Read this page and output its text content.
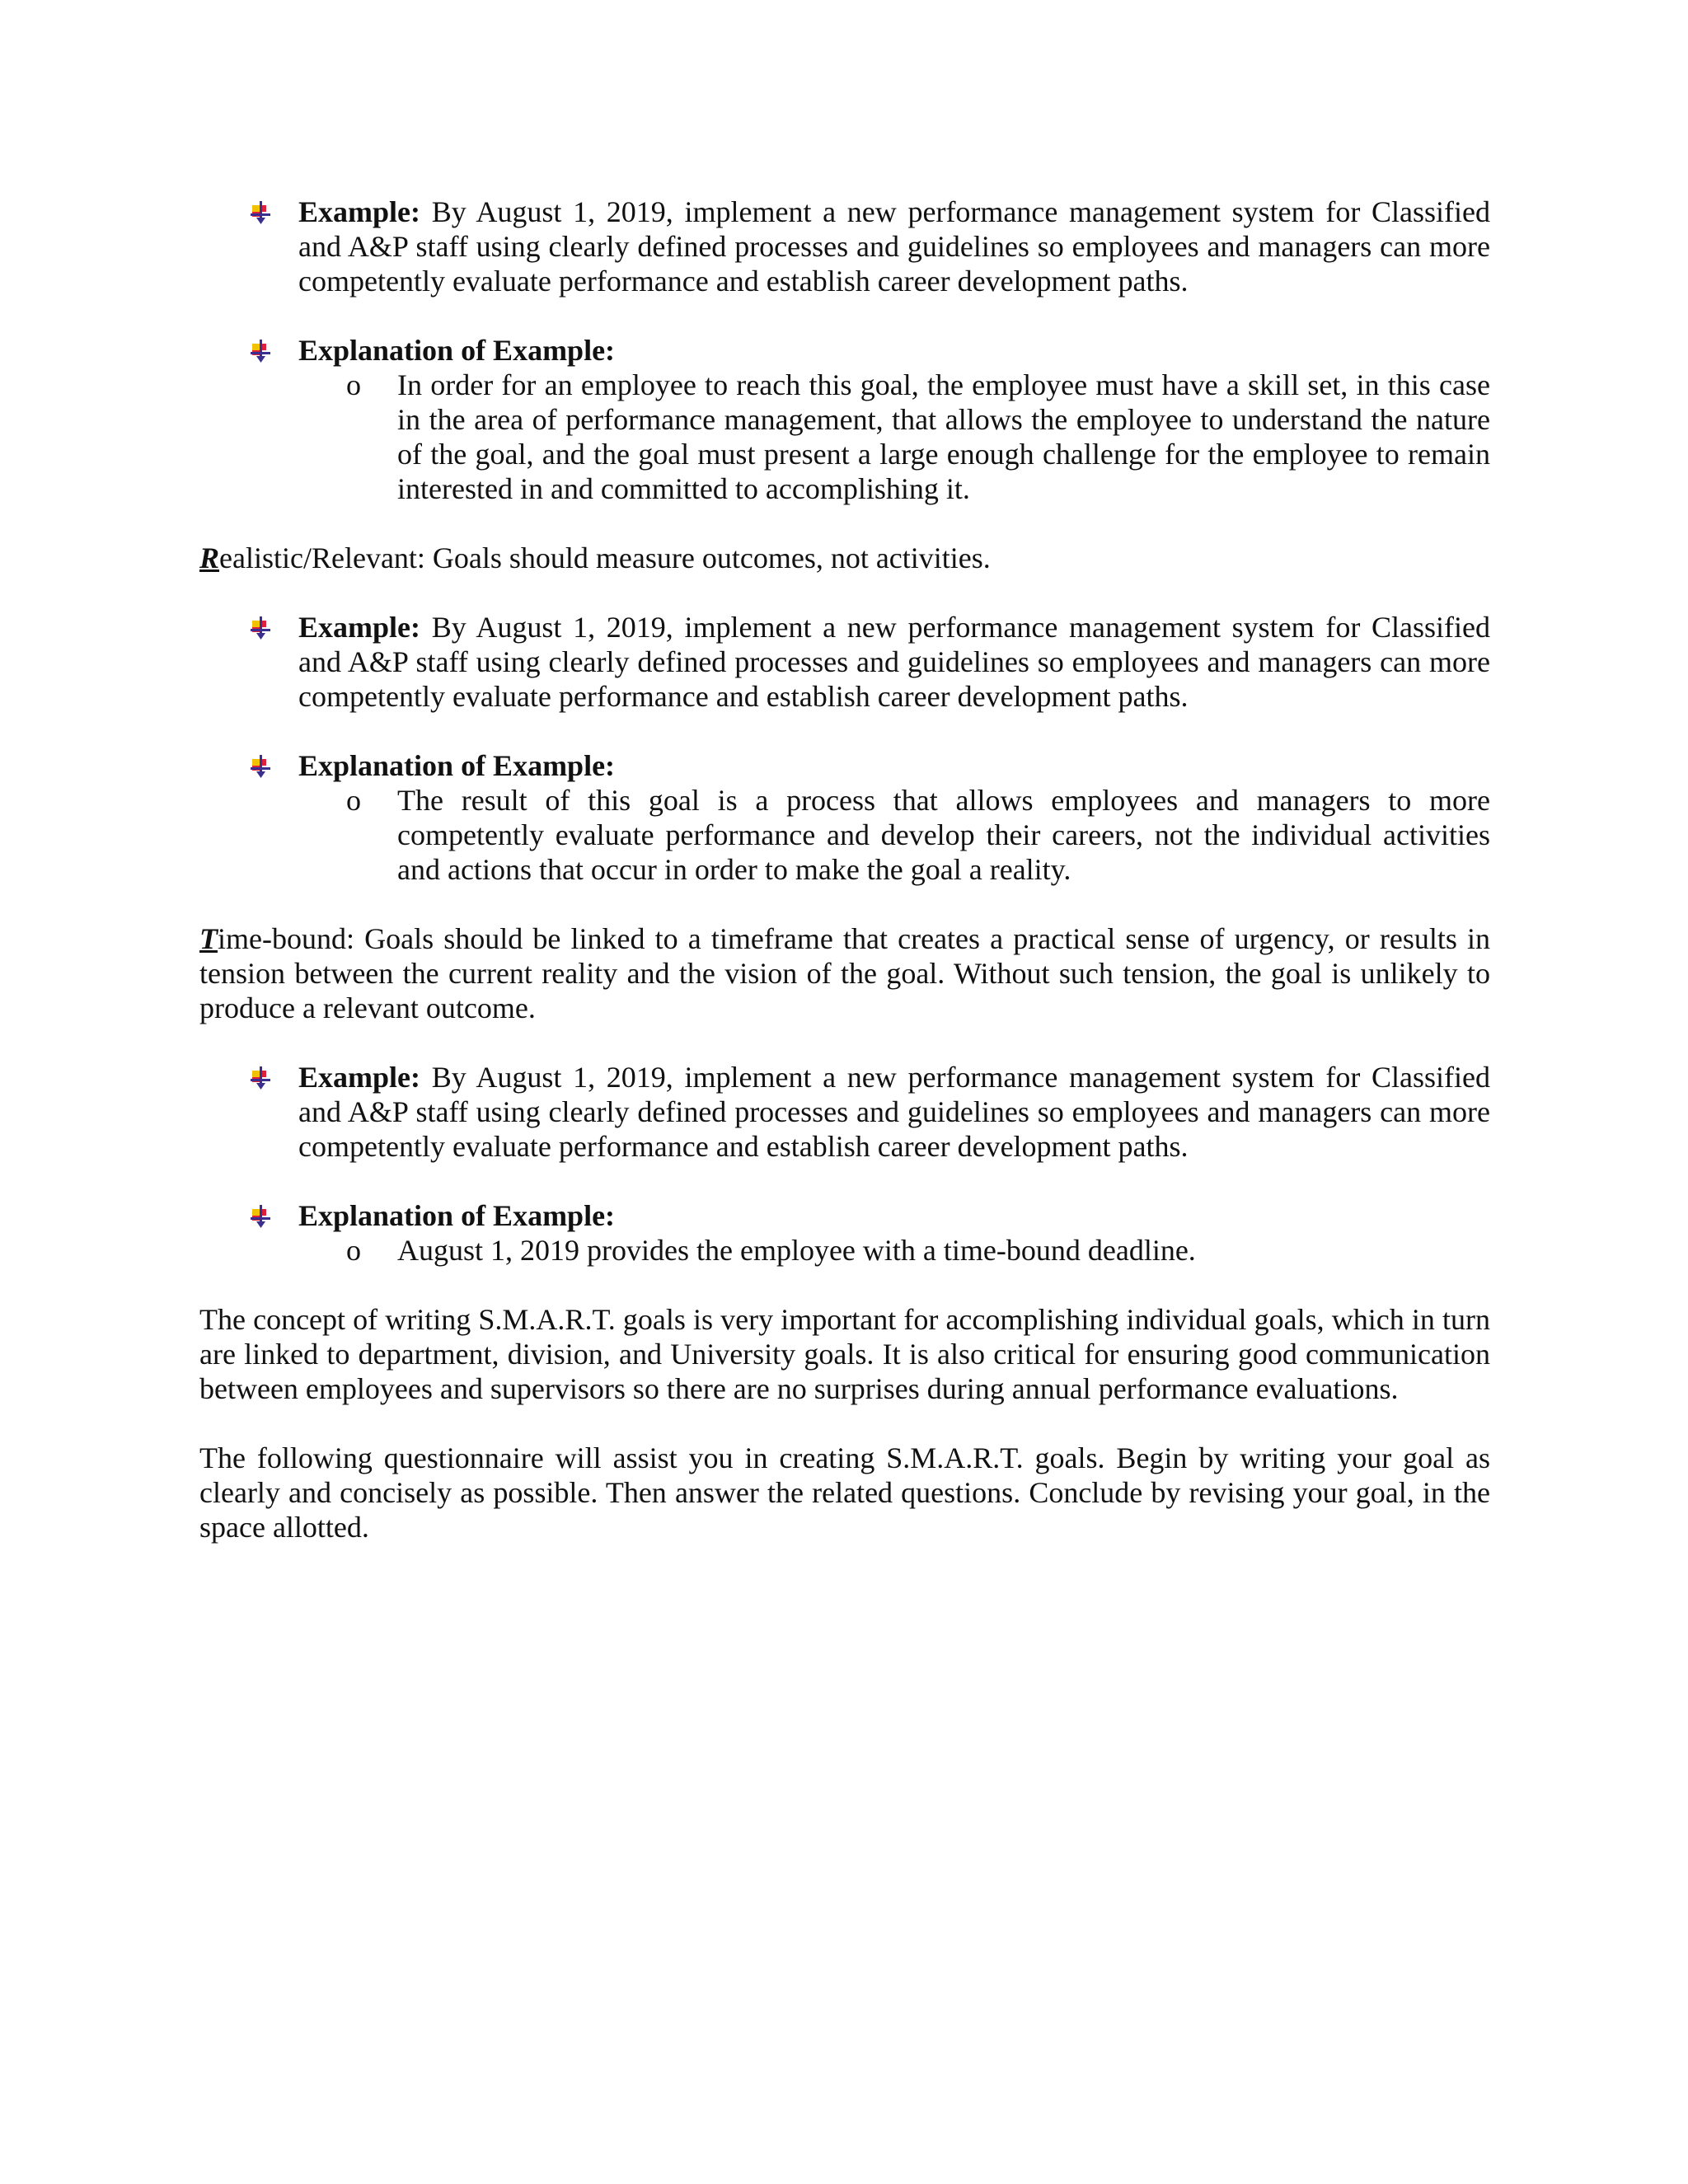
Example: By August 1, 2019, implement a new performance management system for Classified and A&P staff using clearly defined processes and guidelines so employees and managers can more competently evaluate performance and establish career development paths.
Explanation of Example:
o In order for an employee to reach this goal, the employee must have a skill set, in this case in the area of performance management, that allows the employee to understand the nature of the goal, and the goal must present a large enough challenge for the employee to remain interested in and committed to accomplishing it.
Realistic/Relevant: Goals should measure outcomes, not activities.
Example: By August 1, 2019, implement a new performance management system for Classified and A&P staff using clearly defined processes and guidelines so employees and managers can more competently evaluate performance and establish career development paths.
Explanation of Example:
o The result of this goal is a process that allows employees and managers to more competently evaluate performance and develop their careers, not the individual activities and actions that occur in order to make the goal a reality.
Time-bound: Goals should be linked to a timeframe that creates a practical sense of urgency, or results in tension between the current reality and the vision of the goal. Without such tension, the goal is unlikely to produce a relevant outcome.
Example: By August 1, 2019, implement a new performance management system for Classified and A&P staff using clearly defined processes and guidelines so employees and managers can more competently evaluate performance and establish career development paths.
Explanation of Example:
o August 1, 2019 provides the employee with a time-bound deadline.
The concept of writing S.M.A.R.T. goals is very important for accomplishing individual goals, which in turn are linked to department, division, and University goals. It is also critical for ensuring good communication between employees and supervisors so there are no surprises during annual performance evaluations.
The following questionnaire will assist you in creating S.M.A.R.T. goals. Begin by writing your goal as clearly and concisely as possible. Then answer the related questions. Conclude by revising your goal, in the space allotted.
